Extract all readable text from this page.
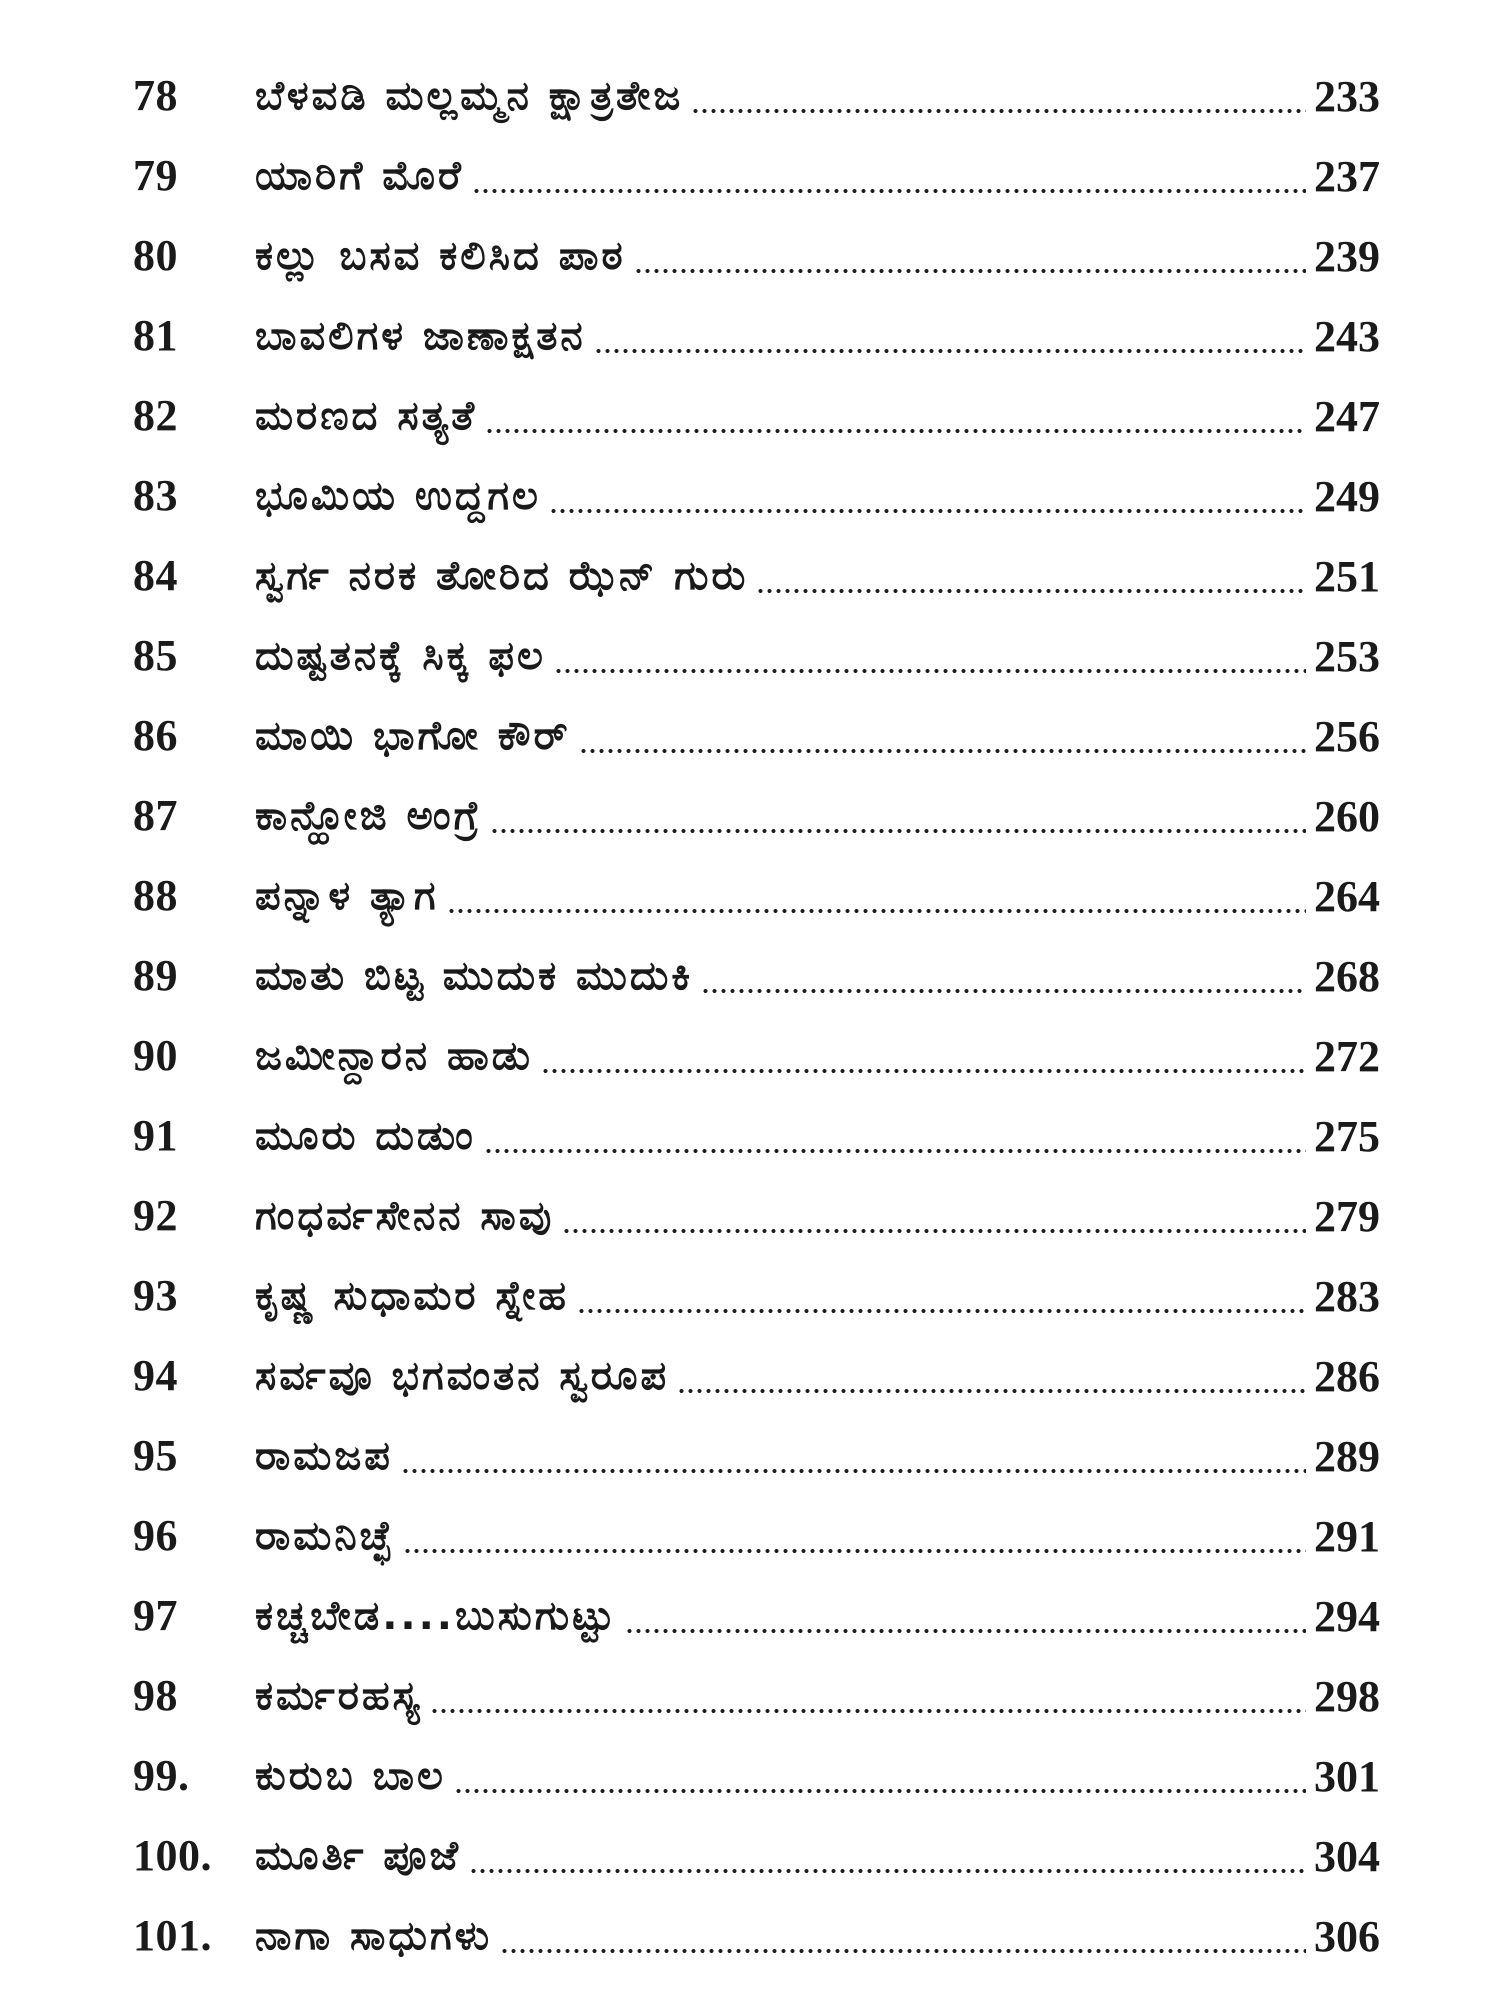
78 ಬೆಳವಡಿ ಮಲ್ಲಮ್ಮನ ಕ್ಷಾತ್ರತೇಜ	233
79 ಯಾರಿಗೆ ಮೊರೆ	237
80 ಕಲ್ಲು ಬಸವ ಕಲಿಸಿದ ಪಾಠ	239
81 ಬಾವಲಿಗಳ ಜಾಣಾಕ್ಷತನ	243
82 ಮರಣದ ಸತ್ಯತೆ	247
83 ಭೂಮಿಯ ಉದ್ದಗಲ	249
84 ಸ್ವರ್ಗ ನರಕ ತೋರಿದ ಝೆನ್ ಗುರು	251
85 ದುಷ್ಟತನಕ್ಕೆ ಸಿಕ್ಕ ಫಲ	253
86 ಮಾಯಿ ಭಾಗೋ ಕೌರ್	256
87 ಕಾನ್ಹೋಜಿ ಅಂಗ್ರೆ	260
88 ಪನ್ನಾಳ ತ್ಯಾಗ	264
89 ಮಾತು ಬಿಟ್ಟ ಮುದುಕ ಮುದುಕಿ	268
90 ಜಮೀನ್ದಾರನ ಹಾಡು	272
91 ಮೂರು ದುಡುಂ	275
92 ಗಂಧರ್ವಸೇನನ ಸಾವು	279
93 ಕೃಷ್ಣ ಸುಧಾಮರ ಸ್ನೇಹ	283
94 ಸರ್ವವೂ ಭಗವಂತನ ಸ್ವರೂಪ	286
95 ರಾಮಜಪ	289
96 ರಾಮನಿಚ್ಛೆ	291
97 ಕಚ್ಚಬೇಡ....ಬುಸುಗುಟ್ಟು	294
98 ಕರ್ಮರಹಸ್ಯ	298
99. ಕುರುಬ ಬಾಲ	301
100. ಮೂರ್ತಿ ಪೂಜೆ	304
101. ನಾಗಾ ಸಾಧುಗಳು	306
